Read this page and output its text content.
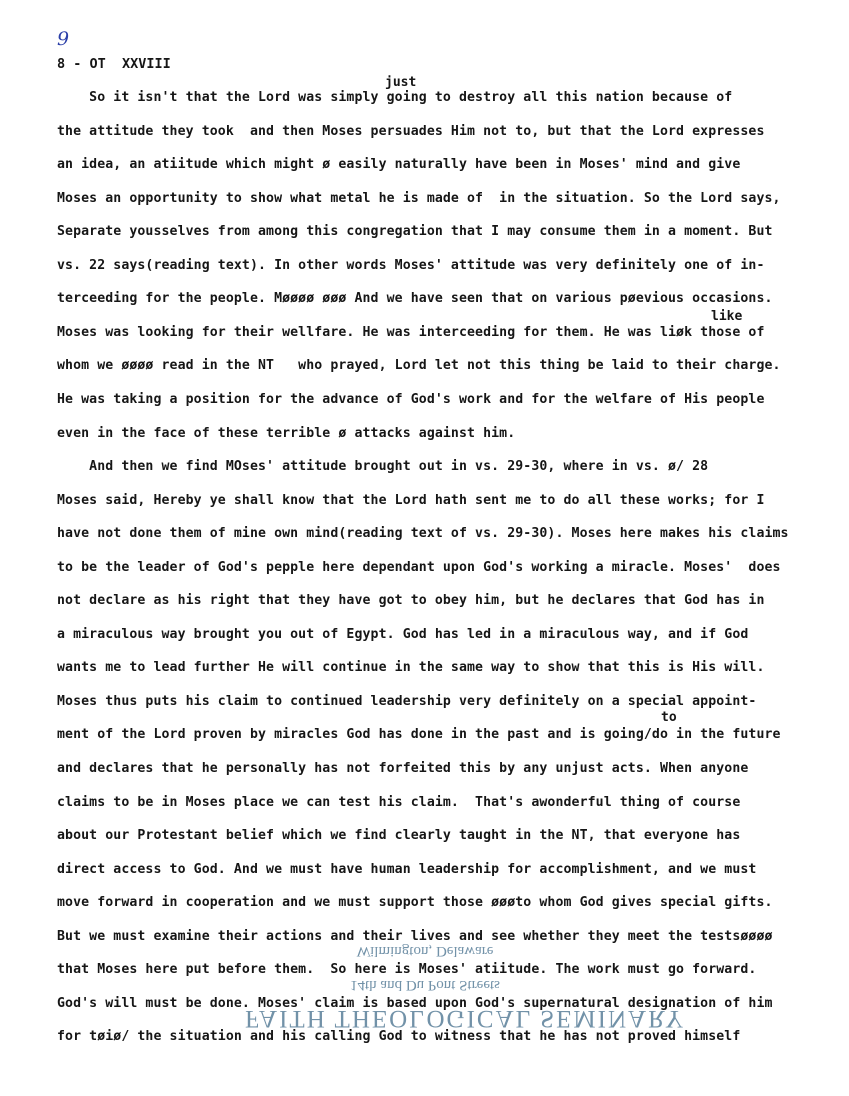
9
8 - OT  XXVIII
just
like
to
So it isn't that the Lord was simply going to destroy all this nation because of
the attitude they took  and then Moses persuades Him not to, but that the Lord expresses
an idea, an atiitude which might ø easily naturally have been in Moses' mind and give
Moses an opportunity to show what metal he is made of  in the situation. So the Lord says,
Separate yousselves from among this congregation that I may consume them in a moment. But
vs. 22 says(reading text). In other words Moses' attitude was very definitely one of in-
terceeding for the people. Møøøø øøø And we have seen that on various pøevious occasions.
Moses was looking for their wellfare. He was interceeding for them. He was liøk those of
whom we øøøø read in the NT   who prayed, Lord let not this thing be laid to their charge.
He was taking a position for the advance of God's work and for the welfare of His people
even in the face of these terrible ø attacks against him.
And then we find MOses' attitude brought out in vs. 29-30, where in vs. ø/ 28
Moses said, Hereby ye shall know that the Lord hath sent me to do all these works; for I
have not done them of mine own mind(reading text of vs. 29-30). Moses here makes his claims
to be the leader of God's pepple here dependant upon God's working a miracle. Moses'  does
not declare as his right that they have got to obey him, but he declares that God has in
a miraculous way brought you out of Egypt. God has led in a miraculous way, and if God
wants me to lead further He will continue in the same way to show that this is His will.
Moses thus puts his claim to continued leadership very definitely on a special appoint-
ment of the Lord proven by miracles God has done in the past and is going/do in the future
and declares that he personally has not forfeited this by any unjust acts. When anyone
claims to be in Moses place we can test his claim.  That's awonderful thing of course
about our Protestant belief which we find clearly taught in the NT, that everyone has
direct access to God. And we must have human leadership for accomplishment, and we must
move forward in cooperation and we must support those øøøto whom God gives special gifts.
But we must examine their actions and their lives and see whether they meet the testsøøøø
that Moses here put before them.  So here is Moses' atiitude. The work must go forward.
God's will must be done. Moses' claim is based upon God's supernatural designation of him
for tøiø/ the situation and his calling God to witness that he has not proved himself
Wilmington, Delaware
14th and Du Pont Streets
FAITH THEOLOGICAL SEMINARY
